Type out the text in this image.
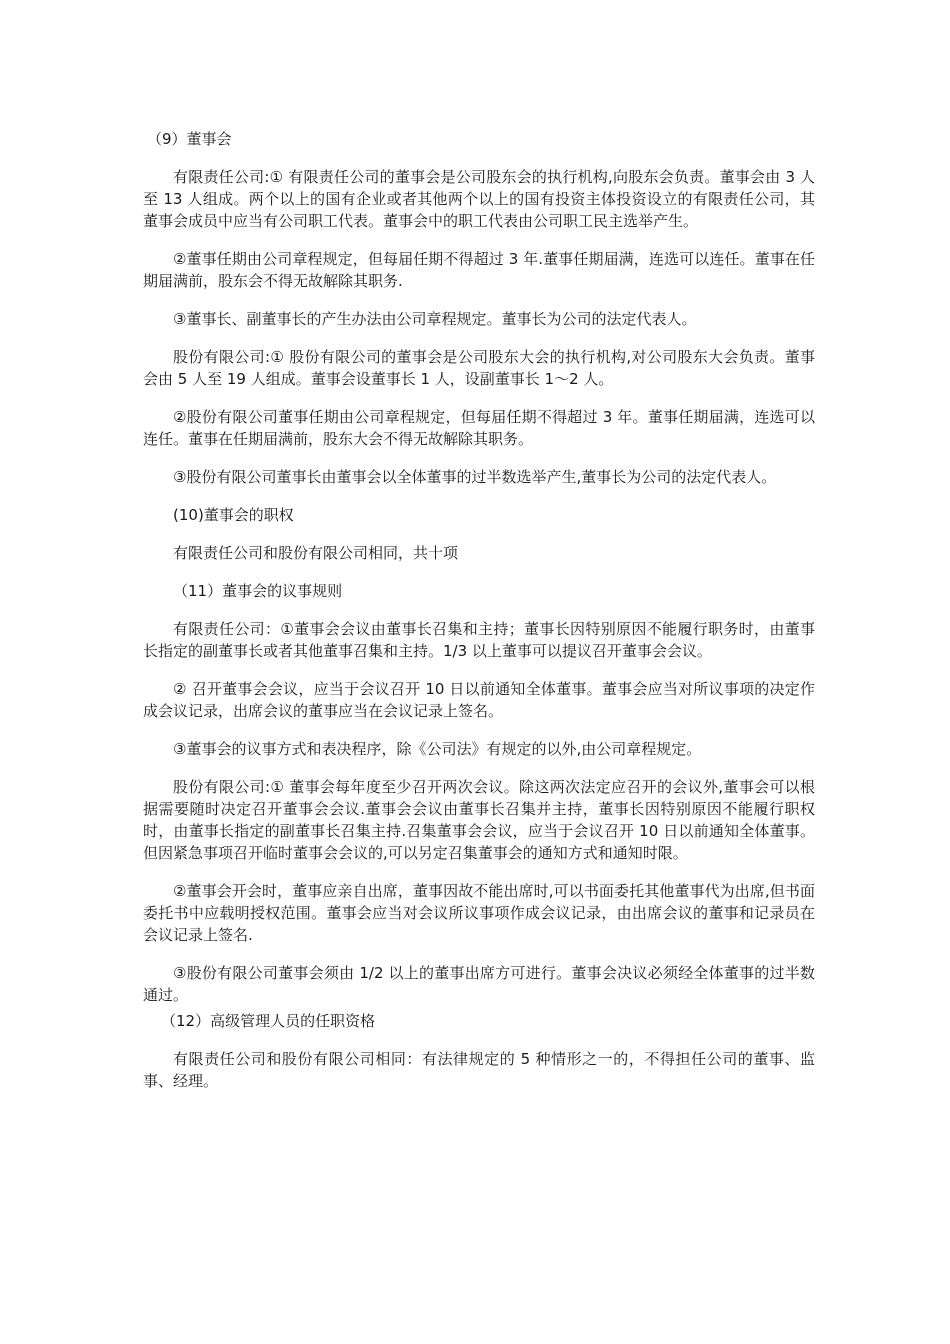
（9）董事会

有限责任公司:① 有限责任公司的董事会是公司股东会的执行机构,向股东会负责。董事会由 3 人至 13 人组成。两个以上的国有企业或者其他两个以上的国有投资主体投资设立的有限责任公司，其董事会成员中应当有公司职工代表。董事会中的职工代表由公司职工民主选举产生。

②董事任期由公司章程规定，但每届任期不得超过 3 年.董事任期届满，连选可以连任。董事在任期届满前，股东会不得无故解除其职务.

③董事长、副董事长的产生办法由公司章程规定。董事长为公司的法定代表人。

股份有限公司:① 股份有限公司的董事会是公司股东大会的执行机构,对公司股东大会负责。董事会由 5 人至 19 人组成。董事会设董事长 1 人，设副董事长 1～2 人。

②股份有限公司董事任期由公司章程规定，但每届任期不得超过 3 年。董事任期届满，连选可以连任。董事在任期届满前，股东大会不得无故解除其职务。

③股份有限公司董事长由董事会以全体董事的过半数选举产生,董事长为公司的法定代表人。

(10)董事会的职权

有限责任公司和股份有限公司相同，共十项

（11）董事会的议事规则

有限责任公司：①董事会会议由董事长召集和主持；董事长因特别原因不能履行职务时，由董事长指定的副董事长或者其他董事召集和主持。1/3 以上董事可以提议召开董事会会议。

② 召开董事会会议，应当于会议召开 10 日以前通知全体董事。董事会应当对所议事项的决定作成会议记录，出席会议的董事应当在会议记录上签名。

③董事会的议事方式和表决程序，除《公司法》有规定的以外,由公司章程规定。

股份有限公司:① 董事会每年度至少召开两次会议。除这两次法定应召开的会议外,董事会可以根据需要随时决定召开董事会会议.董事会会议由董事长召集并主持，董事长因特别原因不能履行职权时，由董事长指定的副董事长召集主持.召集董事会会议，应当于会议召开 10 日以前通知全体董事。但因紧急事项召开临时董事会会议的,可以另定召集董事会的通知方式和通知时限。

②董事会开会时，董事应亲自出席，董事因故不能出席时,可以书面委托其他董事代为出席,但书面委托书中应载明授权范围。董事会应当对会议所议事项作成会议记录，由出席会议的董事和记录员在会议记录上签名.

③股份有限公司董事会须由 1/2 以上的董事出席方可进行。董事会决议必须经全体董事的过半数通过。

（12）高级管理人员的任职资格

有限责任公司和股份有限公司相同：有法律规定的 5 种情形之一的，不得担任公司的董事、监事、经理。
